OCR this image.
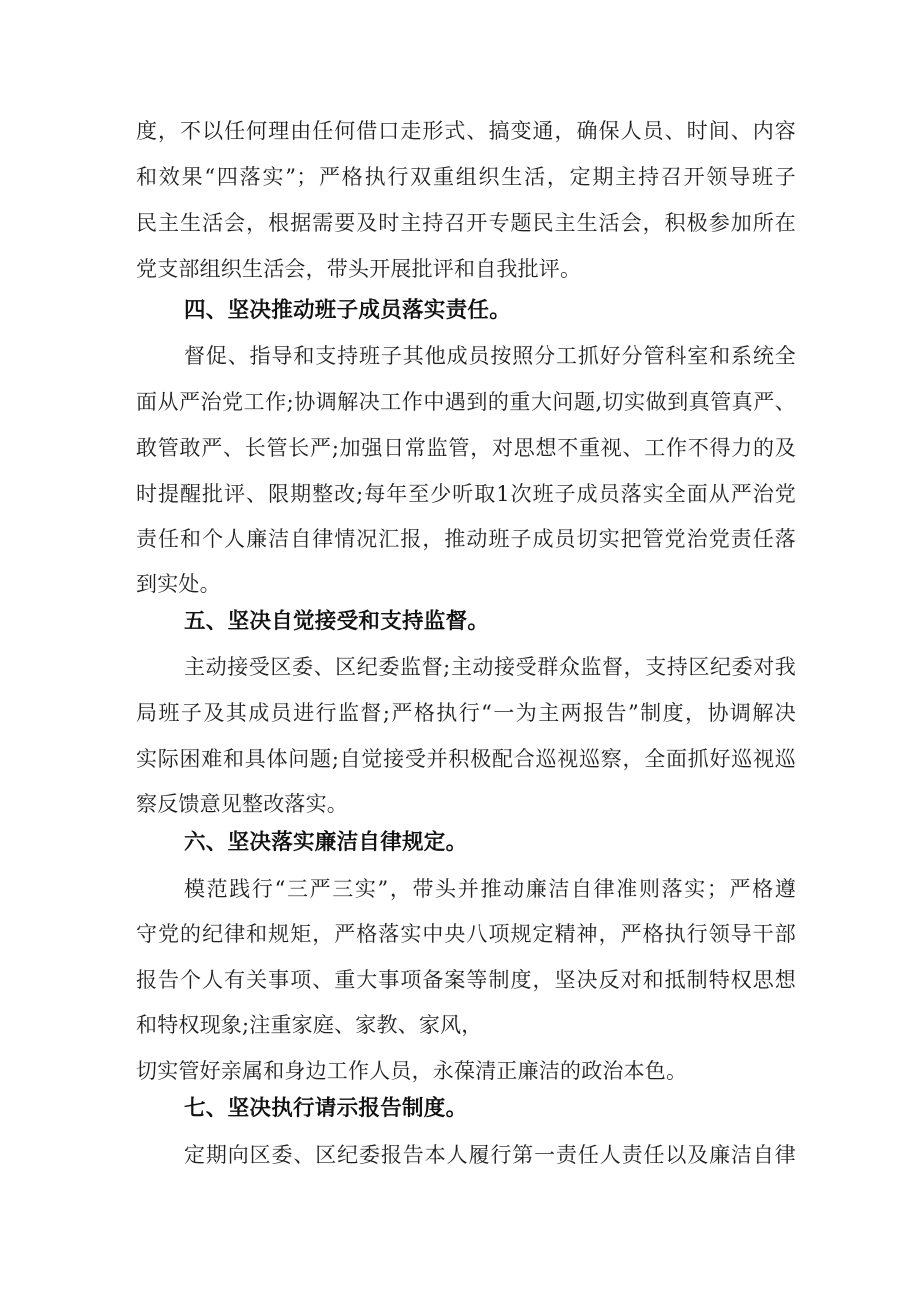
度，不以任何理由任何借口走形式、搞变通，确保人员、时间、内容
和效果“四落实”；严格执行双重组织生活，定期主持召开领导班子
民主生活会，根据需要及时主持召开专题民主生活会，积极参加所在
党支部组织生活会，带头开展批评和自我批评。
四、坚决推动班子成员落实责任。
督促、指导和支持班子其他成员按照分工抓好分管科室和系统全
面从严治党工作;协调解决工作中遇到的重大问题,切实做到真管真严、
敢管敢严、长管长严;加强日常监管，对思想不重视、工作不得力的及
时提醒批评、限期整改;每年至少听取1次班子成员落实全面从严治党
责任和个人廉洁自律情况汇报，推动班子成员切实把管党治党责任落
到实处。
五、坚决自觉接受和支持监督。
主动接受区委、区纪委监督;主动接受群众监督，支持区纪委对我
局班子及其成员进行监督;严格执行“一为主两报告”制度，协调解决
实际困难和具体问题;自觉接受并积极配合巡视巡察，全面抓好巡视巡
察反馈意见整改落实。
六、坚决落实廉洁自律规定。
模范践行“三严三实”，带头并推动廉洁自律准则落实；严格遵
守党的纪律和规矩，严格落实中央八项规定精神，严格执行领导干部
报告个人有关事项、重大事项备案等制度，坚决反对和抵制特权思想
和特权现象;注重家庭、家教、家风，
切实管好亲属和身边工作人员，永葆清正廉洁的政治本色。
七、坚决执行请示报告制度。
定期向区委、区纪委报告本人履行第一责任人责任以及廉洁自律
